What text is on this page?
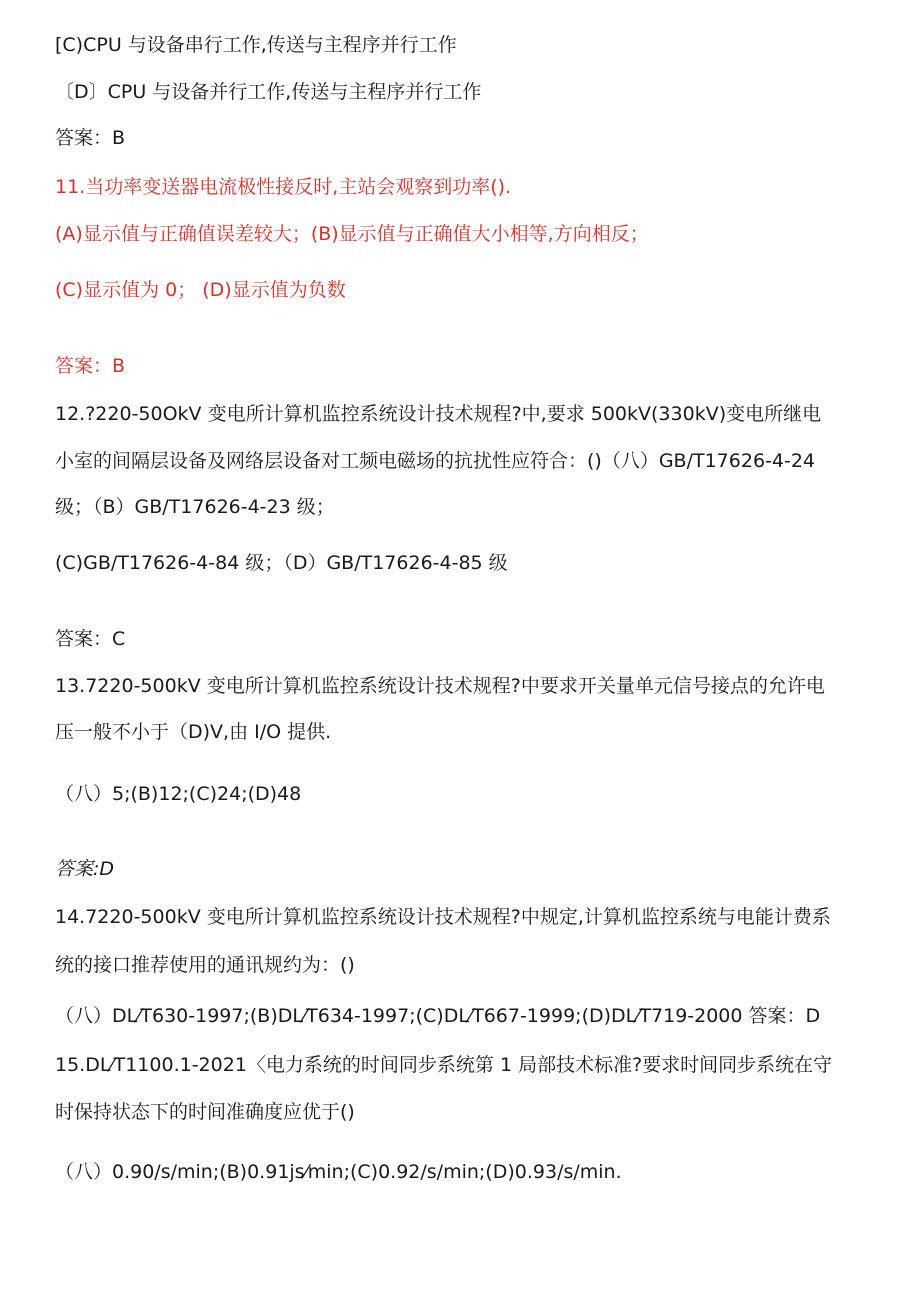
[C)CPU 与设备串行工作,传送与主程序并行工作
〔D〕CPU 与设备并行工作,传送与主程序并行工作
答案：B
11.当功率变送器电流极性接反时,主站会观察到功率().
(A)显示值与正确值误差较大；(B)显示值与正确值大小相等,方向相反；
(C)显示值为 0； (D)显示值为负数
答案：B
12.?220-50OkV 变电所计算机监控系统设计技术规程?中,要求 500kV(330kV)变电所继电
小室的间隔层设备及网络层设备对工频电磁场的抗扰性应符合：()（八）GB/T17626-4-24
级；（B）GB/T17626-4-23 级；
(C)GB/T17626-4-84 级；（D）GB/T17626-4-85 级
答案：C
13.7220-500kV 变电所计算机监控系统设计技术规程?中要求开关量单元信号接点的允许电
压一般不小于（D)V,由 I/O 提供.
（八）5;(B)12;(C)24;(D)48
答案:D
14.7220-500kV 变电所计算机监控系统设计技术规程?中规定,计算机监控系统与电能计费系
统的接口推荐使用的通讯规约为：()
（八）DL⁄T630-1997;(B)DL⁄T634-1997;(C)DL⁄T667-1999;(D)DL⁄T719-2000 答案：D
15.DL⁄T1100.1-2021〈电力系统的时间同步系统第 1 局部技术标准?要求时间同步系统在守
时保持状态下的时间准确度应优于()
（八）0.90/s/min;(B)0.91js⁄min;(C)0.92/s/min;(D)0.93/s/min.
